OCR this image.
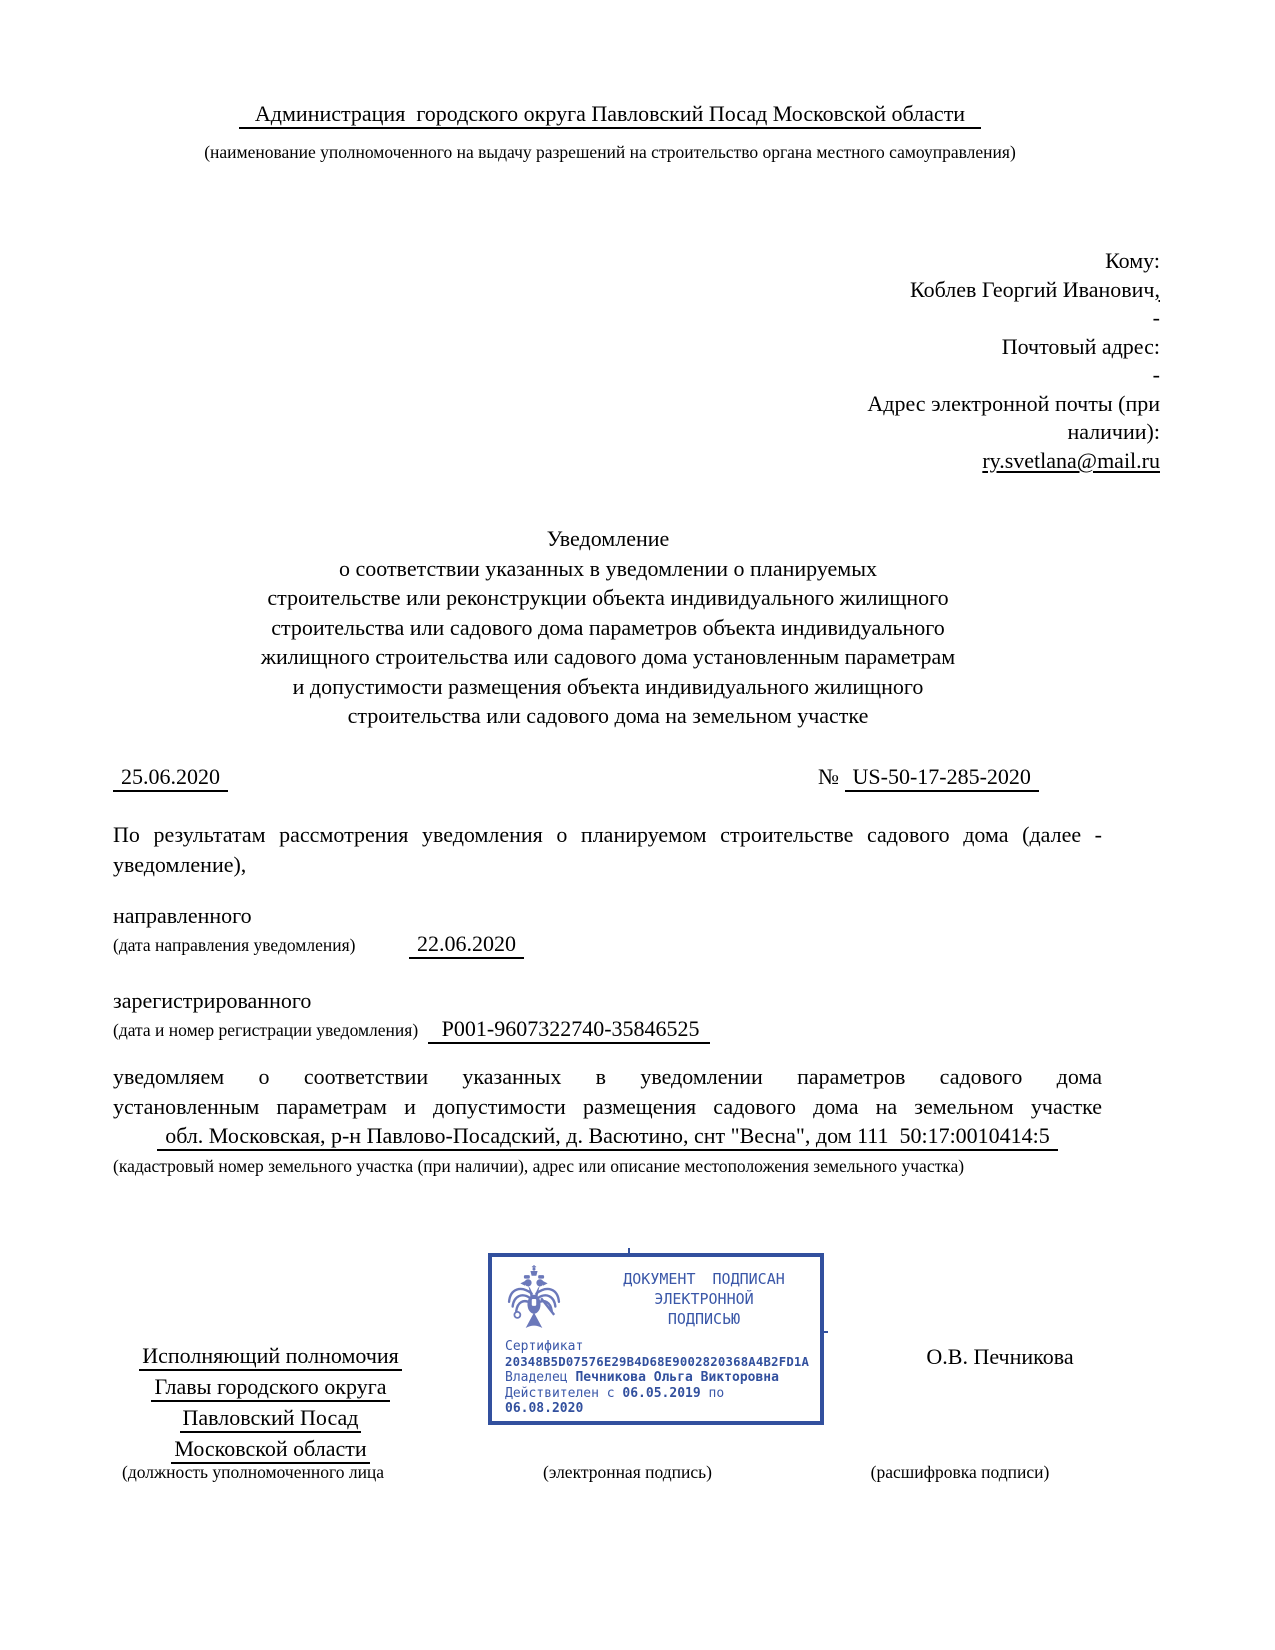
Администрация  городского округа Павловский Посад Московской области
(наименование уполномоченного на выдачу разрешений на строительство органа местного самоуправления)
Кому:
Коблев Георгий Иванович,
-
Почтовый адрес:
-
Адрес электронной почты (при
наличии):
ry.svetlana@mail.ru
Уведомление
о соответствии указанных в уведомлении о планируемых
строительстве или реконструкции объекта индивидуального жилищного
строительства или садового дома параметров объекта индивидуального
жилищного строительства или садового дома установленным параметрам
и допустимости размещения объекта индивидуального жилищного
строительства или садового дома на земельном участке
25.06.2020	№ US-50-17-285-2020
По результатам рассмотрения уведомления о планируемом строительстве садового дома (далее -
уведомление),
направленного
(дата направления уведомления)	22.06.2020
зарегистрированного
(дата и номер регистрации уведомления) P001-9607322740-35846525
уведомляем о соответствии указанных в уведомлении параметров садового дома
установленным параметрам и допустимости размещения садового дома на земельном участке
обл. Московская, р-н Павлово-Посадский, д. Васютино, снт "Весна", дом 111  50:17:0010414:5
(кадастровый номер земельного участка (при наличии), адрес или описание местоположения земельного участка)
ДОКУМЕНТ ПОДПИСАН
ЭЛЕКТРОННОЙ
ПОДПИСЬЮ
Сертификат
20348B5D07576E29B4D68E9002820368A4B2FD1A
Владелец Печникова Ольга Викторовна
Действителен с 06.05.2019 по
06.08.2020
Исполняющий полномочия
Главы городского округа
Павловский Посад
Московской области
О.В. Печникова
(должность уполномоченного лица	(электронная подпись)	(расшифровка подписи)
